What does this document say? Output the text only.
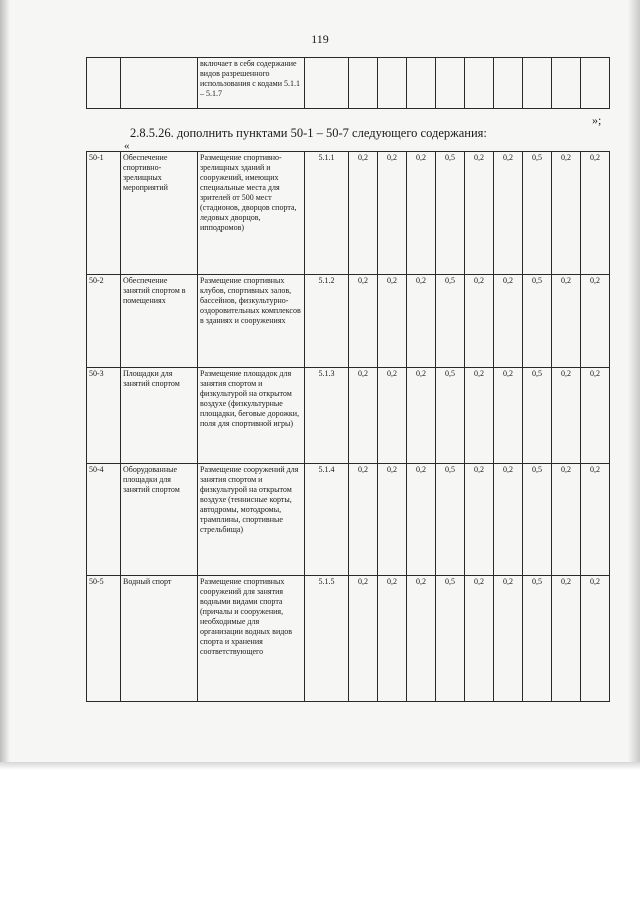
119
		включает в себя содержание видов разрешенного использования с кодами 5.1.1 – 5.1.7										
»;
2.8.5.26. дополнить пунктами 50-1 – 50-7 следующего содержания:
«
50-1	Обеспечение спортивно-зрелищных мероприятий	Размещение спортивно-зрелищных зданий и сооружений, имеющих специальные места для зрителей от 500 мест (стадионов, дворцов спорта, ледовых дворцов, ипподромов)	5.1.1	0,2	0,2	0,2	0,5	0,2	0,2	0,5	0,2	0,2
50-2	Обеспечение занятий спортом в помещениях	Размещение спортивных клубов, спортивных залов, бассейнов, физкультурно-оздоровительных комплексов в зданиях и сооружениях	5.1.2	0,2	0,2	0,2	0,5	0,2	0,2	0,5	0,2	0,2
50-3	Площадки для занятий спортом	Размещение площадок для занятия спортом и физкультурой на открытом воздухе (физкультурные площадки, беговые дорожки, поля для спортивной игры)	5.1.3	0,2	0,2	0,2	0,5	0,2	0,2	0,5	0,2	0,2
50-4	Оборудованные площадки для занятий спортом	Размещение сооружений для занятия спортом и физкультурой на открытом воздухе (теннисные корты, автодромы, мотодромы, трамплины, спортивные стрельбища)	5.1.4	0,2	0,2	0,2	0,5	0,2	0,2	0,5	0,2	0,2
50-5	Водный спорт	Размещение спортивных сооружений для занятия водными видами спорта (причалы и сооружения, необходимые для организации водных видов спорта и хранения соответствующего	5.1.5	0,2	0,2	0,2	0,5	0,2	0,2	0,5	0,2	0,2
